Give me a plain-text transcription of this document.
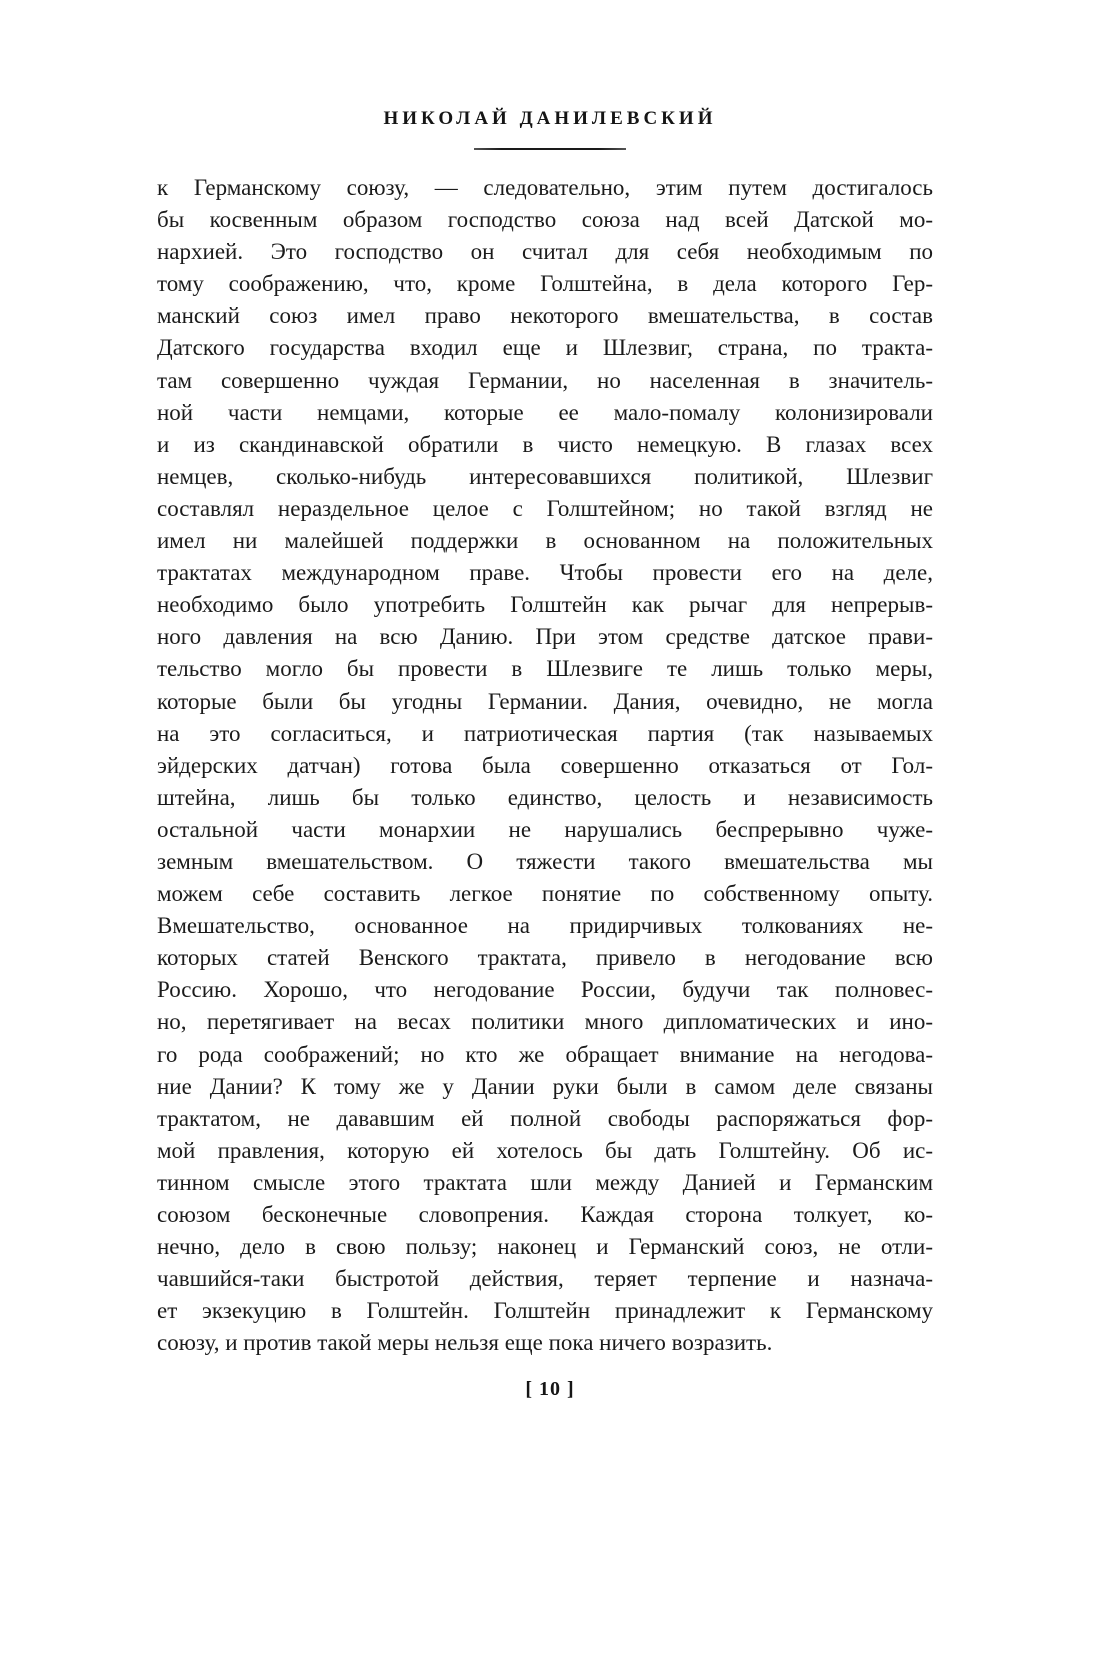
НИКОЛАЙ ДАНИЛЕВСКИЙ
к Германскому союзу, — следовательно, этим путем достигалось
бы косвенным образом господство союза над всей Датской мо-
нархией. Это господство он считал для себя необходимым по
тому соображению, что, кроме Голштейна, в дела которого Гер-
манский союз имел право некоторого вмешательства, в состав
Датского государства входил еще и Шлезвиг, страна, по тракта-
там совершенно чуждая Германии, но населенная в значитель-
ной части немцами, которые ее мало-помалу колонизировали
и из скандинавской обратили в чисто немецкую. В глазах всех
немцев, сколько-нибудь интересовавшихся политикой, Шлезвиг
составлял нераздельное целое с Голштейном; но такой взгляд не
имел ни малейшей поддержки в основанном на положительных
трактатах международном праве. Чтобы провести его на деле,
необходимо было употребить Голштейн как рычаг для непрерыв-
ного давления на всю Данию. При этом средстве датское прави-
тельство могло бы провести в Шлезвиге те лишь только меры,
которые были бы угодны Германии. Дания, очевидно, не могла
на это согласиться, и патриотическая партия (так называемых
эйдерских датчан) готова была совершенно отказаться от Гол-
штейна, лишь бы только единство, целость и независимость
остальной части монархии не нарушались беспрерывно чуже-
земным вмешательством. О тяжести такого вмешательства мы
можем себе составить легкое понятие по собственному опыту.
Вмешательство, основанное на придирчивых толкованиях не-
которых статей Венского трактата, привело в негодование всю
Россию. Хорошо, что негодование России, будучи так полновес-
но, перетягивает на весах политики много дипломатических и ино-
го рода соображений; но кто же обращает внимание на негодова-
ние Дании? К тому же у Дании руки были в самом деле связаны
трактатом, не дававшим ей полной свободы распоряжаться фор-
мой правления, которую ей хотелось бы дать Голштейну. Об ис-
тинном смысле этого трактата шли между Данией и Германским
союзом бесконечные словопрения. Каждая сторона толкует, ко-
нечно, дело в свою пользу; наконец и Германский союз, не отли-
чавшийся-таки быстротой действия, теряет терпение и назнача-
ет экзекуцию в Голштейн. Голштейн принадлежит к Германскому
союзу, и против такой меры нельзя еще пока ничего возразить.
[ 10 ]
